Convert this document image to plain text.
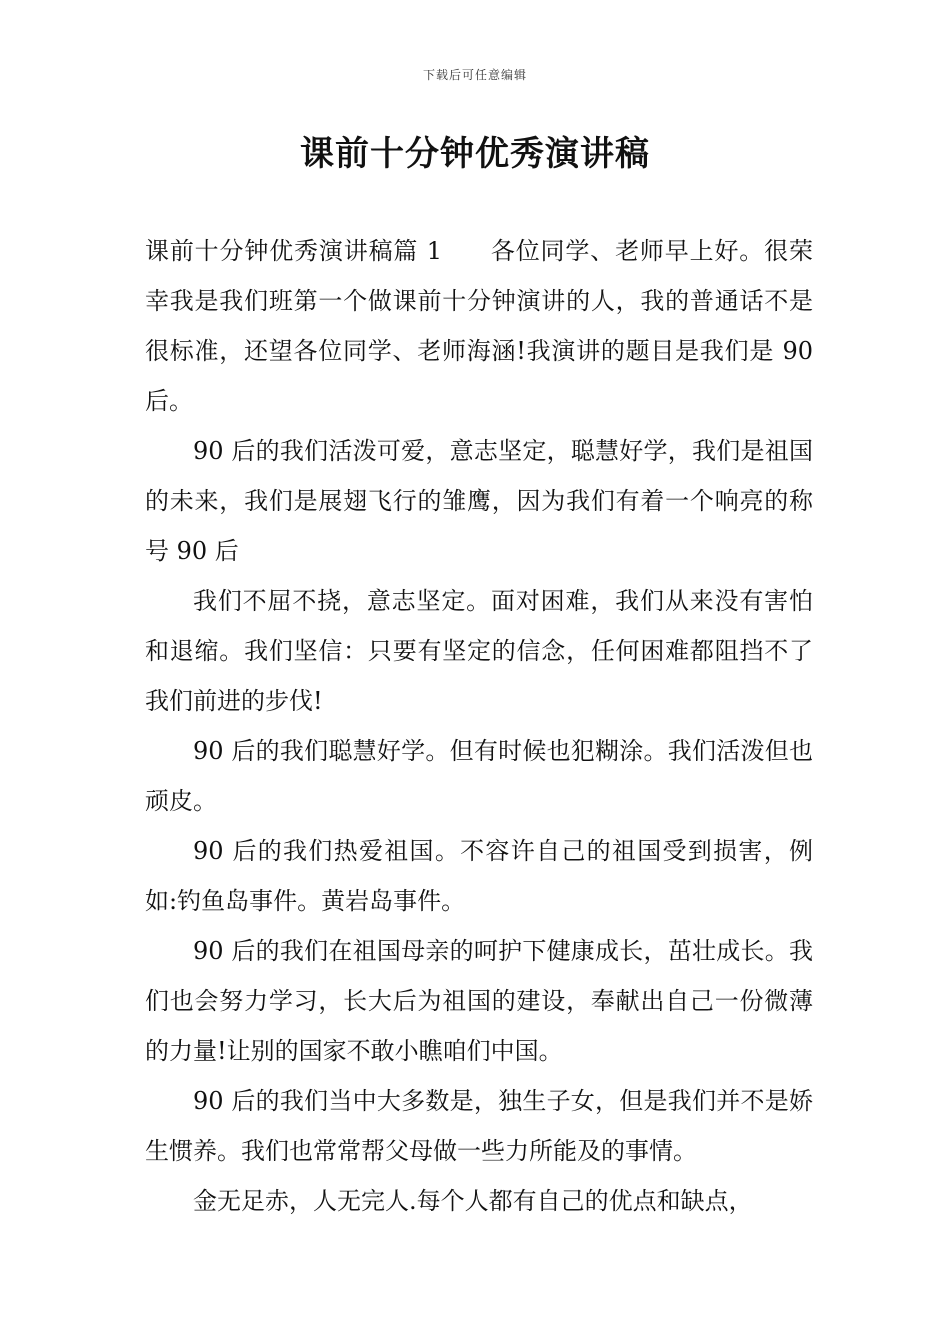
下载后可任意编辑
课前十分钟优秀演讲稿

课前十分钟优秀演讲稿篇 1 各位同学、老师早上好。很荣幸我是我们班第一个做课前十分钟演讲的人，我的普通话不是很标准，还望各位同学、老师海涵!我演讲的题目是我们是 90 后。

90 后的我们活泼可爱，意志坚定，聪慧好学，我们是祖国的未来，我们是展翅飞行的雏鹰，因为我们有着一个响亮的称号 90 后

我们不屈不挠，意志坚定。面对困难，我们从来没有害怕和退缩。我们坚信：只要有坚定的信念，任何困难都阻挡不了我们前进的步伐!

90 后的我们聪慧好学。但有时候也犯糊涂。我们活泼但也顽皮。

90 后的我们热爱祖国。不容许自己的祖国受到损害，例如:钓鱼岛事件。黄岩岛事件。

90 后的我们在祖国母亲的呵护下健康成长，茁壮成长。我们也会努力学习，长大后为祖国的建设，奉献出自己一份微薄的力量!让别的国家不敢小瞧咱们中国。

90 后的我们当中大多数是，独生子女，但是我们并不是娇生惯养。我们也常常帮父母做一些力所能及的事情。

金无足赤，人无完人.每个人都有自己的优点和缺点，
